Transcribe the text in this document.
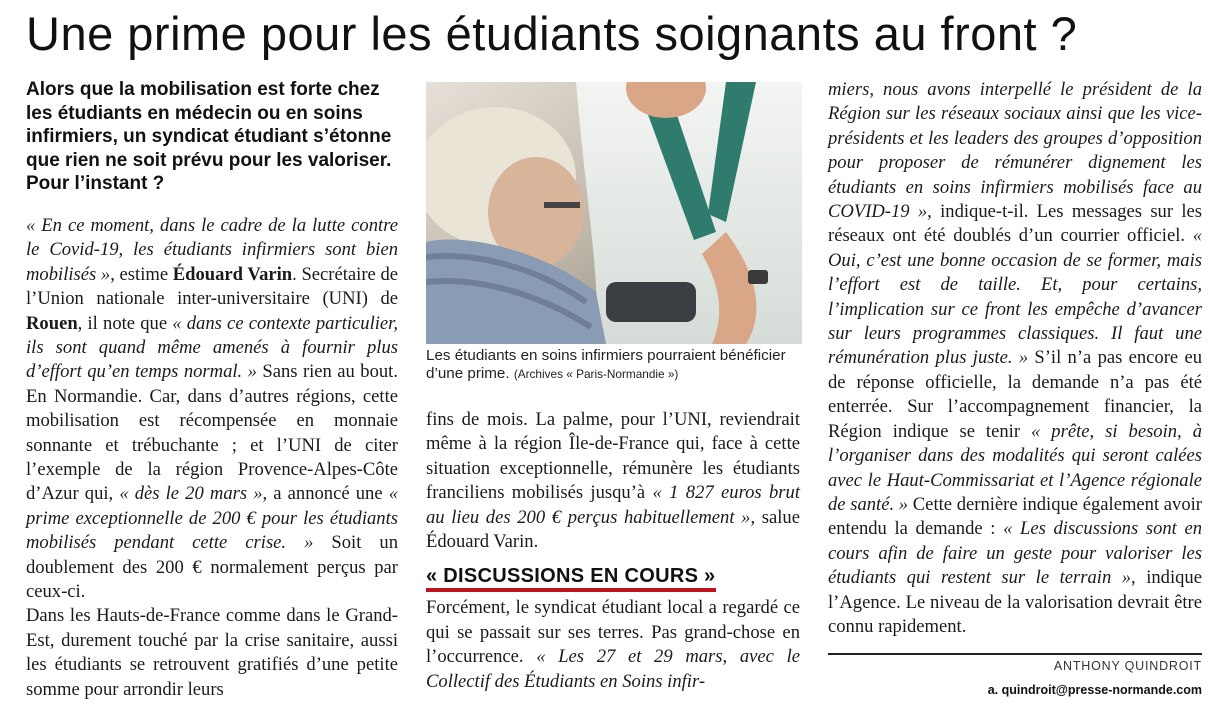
Une prime pour les étudiants soignants au front ?

Alors que la mobilisation est forte chez les étudiants en médecin ou en soins infirmiers, un syndicat étudiant s’étonne que rien ne soit prévu pour les valoriser. Pour l’instant ?

« En ce moment, dans le cadre de la lutte contre le Covid-19, les étudiants infirmiers sont bien mobilisés », estime Édouard Varin. Secrétaire de l’Union nationale inter-universitaire (UNI) de Rouen, il note que « dans ce contexte particulier, ils sont quand même amenés à fournir plus d’effort qu’en temps normal. » Sans rien au bout. En Normandie. Car, dans d’autres régions, cette mobilisation est récompensée en monnaie sonnante et trébuchante ; et l’UNI de citer l’exemple de la région Provence-Alpes-Côte d’Azur qui, « dès le 20 mars », a annoncé une « prime exceptionnelle de 200 € pour les étudiants mobilisés pendant cette crise. » Soit un doublement des 200 € normalement perçus par ceux-ci.

Dans les Hauts-de-France comme dans le Grand-Est, durement touché par la crise sanitaire, aussi les étudiants se retrouvent gratifiés d’une petite somme pour arrondir leurs

Les étudiants en soins infirmiers pourraient bénéficier d’une prime. (Archives « Paris-Normandie »)

fins de mois. La palme, pour l’UNI, reviendrait même à la région Île-de-France qui, face à cette situation exceptionnelle, rémunère les étudiants franciliens mobilisés jusqu’à « 1 827 euros brut au lieu des 200 € perçus habituellement », salue Édouard Varin.

« DISCUSSIONS EN COURS »

Forcément, le syndicat étudiant local a regardé ce qui se passait sur ses terres. Pas grand-chose en l’occurrence. « Les 27 et 29 mars, avec le Collectif des Étudiants en Soins infir-

miers, nous avons interpellé le président de la Région sur les réseaux sociaux ainsi que les vice-présidents et les leaders des groupes d’opposition pour proposer de rémunérer dignement les étudiants en soins infirmiers mobilisés face au COVID-19 », indique-t-il. Les messages sur les réseaux ont été doublés d’un courrier officiel. « Oui, c’est une bonne occasion de se former, mais l’effort est de taille. Et, pour certains, l’implication sur ce front les empêche d’avancer sur leurs programmes classiques. Il faut une rémunération plus juste. » S’il n’a pas encore eu de réponse officielle, la demande n’a pas été enterrée. Sur l’accompagnement financier, la Région indique se tenir « prête, si besoin, à l’organiser dans des modalités qui seront calées avec le Haut-Commissariat et l’Agence régionale de santé. » Cette dernière indique également avoir entendu la demande : « Les discussions sont en cours afin de faire un geste pour valoriser les étudiants qui restent sur le terrain », indique l’Agence. Le niveau de la valorisation devrait être connu rapidement.

ANTHONY QUINDROIT
a. quindroit@presse-normande.com
